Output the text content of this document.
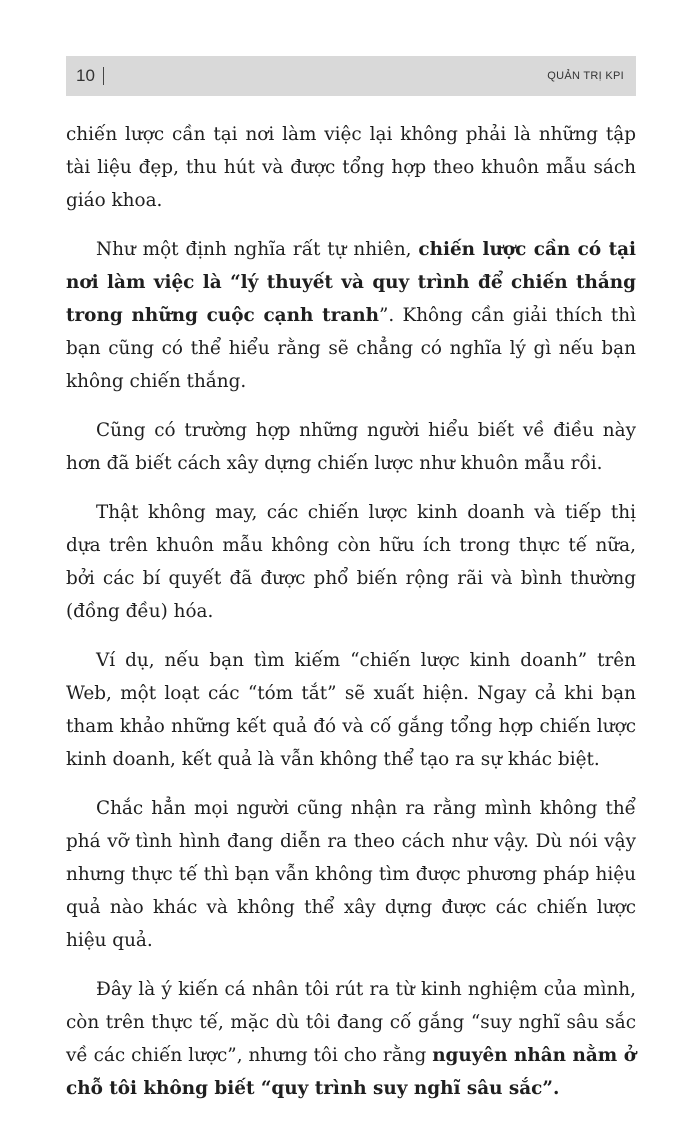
10	QUẢN TRỊ KPI

chiến lược cần tại nơi làm việc lại không phải là những tập tài liệu đẹp, thu hút và được tổng hợp theo khuôn mẫu sách giáo khoa.

Như một định nghĩa rất tự nhiên, chiến lược cần có tại nơi làm việc là “lý thuyết và quy trình để chiến thắng trong những cuộc cạnh tranh”. Không cần giải thích thì bạn cũng có thể hiểu rằng sẽ chẳng có nghĩa lý gì nếu bạn không chiến thắng.

Cũng có trường hợp những người hiểu biết về điều này hơn đã biết cách xây dựng chiến lược như khuôn mẫu rồi.

Thật không may, các chiến lược kinh doanh và tiếp thị dựa trên khuôn mẫu không còn hữu ích trong thực tế nữa, bởi các bí quyết đã được phổ biến rộng rãi và bình thường (đồng đều) hóa.

Ví dụ, nếu bạn tìm kiếm “chiến lược kinh doanh” trên Web, một loạt các “tóm tắt” sẽ xuất hiện. Ngay cả khi bạn tham khảo những kết quả đó và cố gắng tổng hợp chiến lược kinh doanh, kết quả là vẫn không thể tạo ra sự khác biệt.

Chắc hẳn mọi người cũng nhận ra rằng mình không thể phá vỡ tình hình đang diễn ra theo cách như vậy. Dù nói vậy nhưng thực tế thì bạn vẫn không tìm được phương pháp hiệu quả nào khác và không thể xây dựng được các chiến lược hiệu quả.

Đây là ý kiến cá nhân tôi rút ra từ kinh nghiệm của mình, còn trên thực tế, mặc dù tôi đang cố gắng “suy nghĩ sâu sắc về các chiến lược”, nhưng tôi cho rằng nguyên nhân nằm ở chỗ tôi không biết “quy trình suy nghĩ sâu sắc”.
